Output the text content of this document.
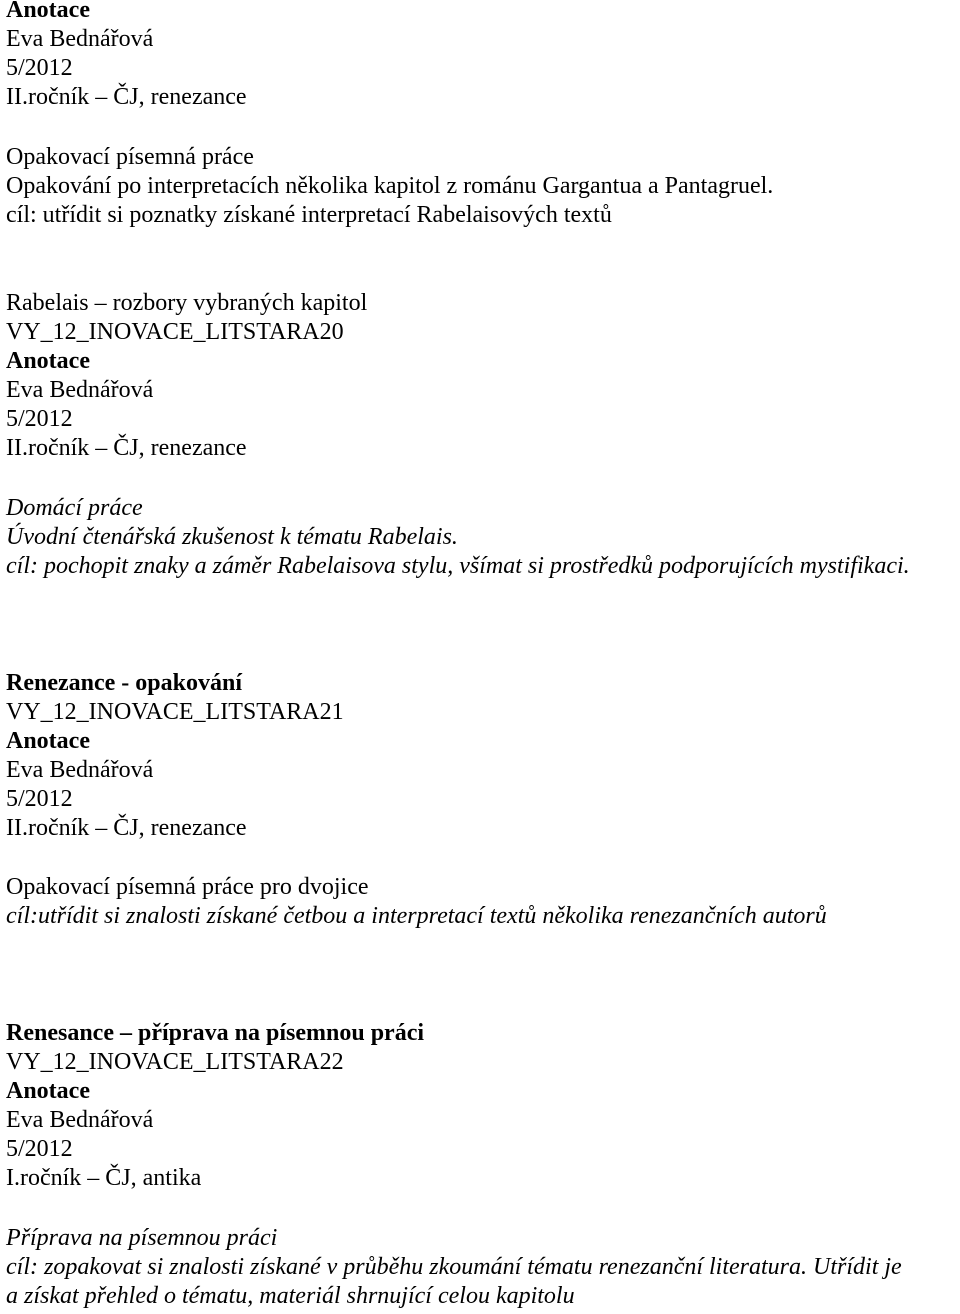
Anotace
Eva Bednářová
5/2012
II.ročník – ČJ, renezance
Opakovací písemná práce
Opakování po interpretacích několika kapitol z románu Gargantua a Pantagruel.
cíl: utřídit si poznatky získané interpretací Rabelaisových textů
Rabelais – rozbory vybraných kapitol
VY_12_INOVACE_LITSTARA20
Anotace
Eva Bednářová
5/2012
II.ročník – ČJ, renezance
Domácí práce
Úvodní čtenářská zkušenost k tématu Rabelais.
cíl: pochopit znaky a záměr Rabelaisova stylu, všímat si prostředků podporujících mystifikaci.
Renezance - opakování
VY_12_INOVACE_LITSTARA21
Anotace
Eva Bednářová
5/2012
II.ročník – ČJ, renezance
Opakovací písemná práce pro dvojice
cíl:utřídit si znalosti získané četbou a interpretací textů několika renezančních autorů
Renesance – příprava na písemnou práci
VY_12_INOVACE_LITSTARA22
Anotace
Eva Bednářová
5/2012
I.ročník – ČJ, antika
Příprava na písemnou práci
cíl: zopakovat si znalosti získané v průběhu zkoumání tématu renezanční literatura. Utřídit je
a získat přehled o tématu, materiál shrnující celou kapitolu
